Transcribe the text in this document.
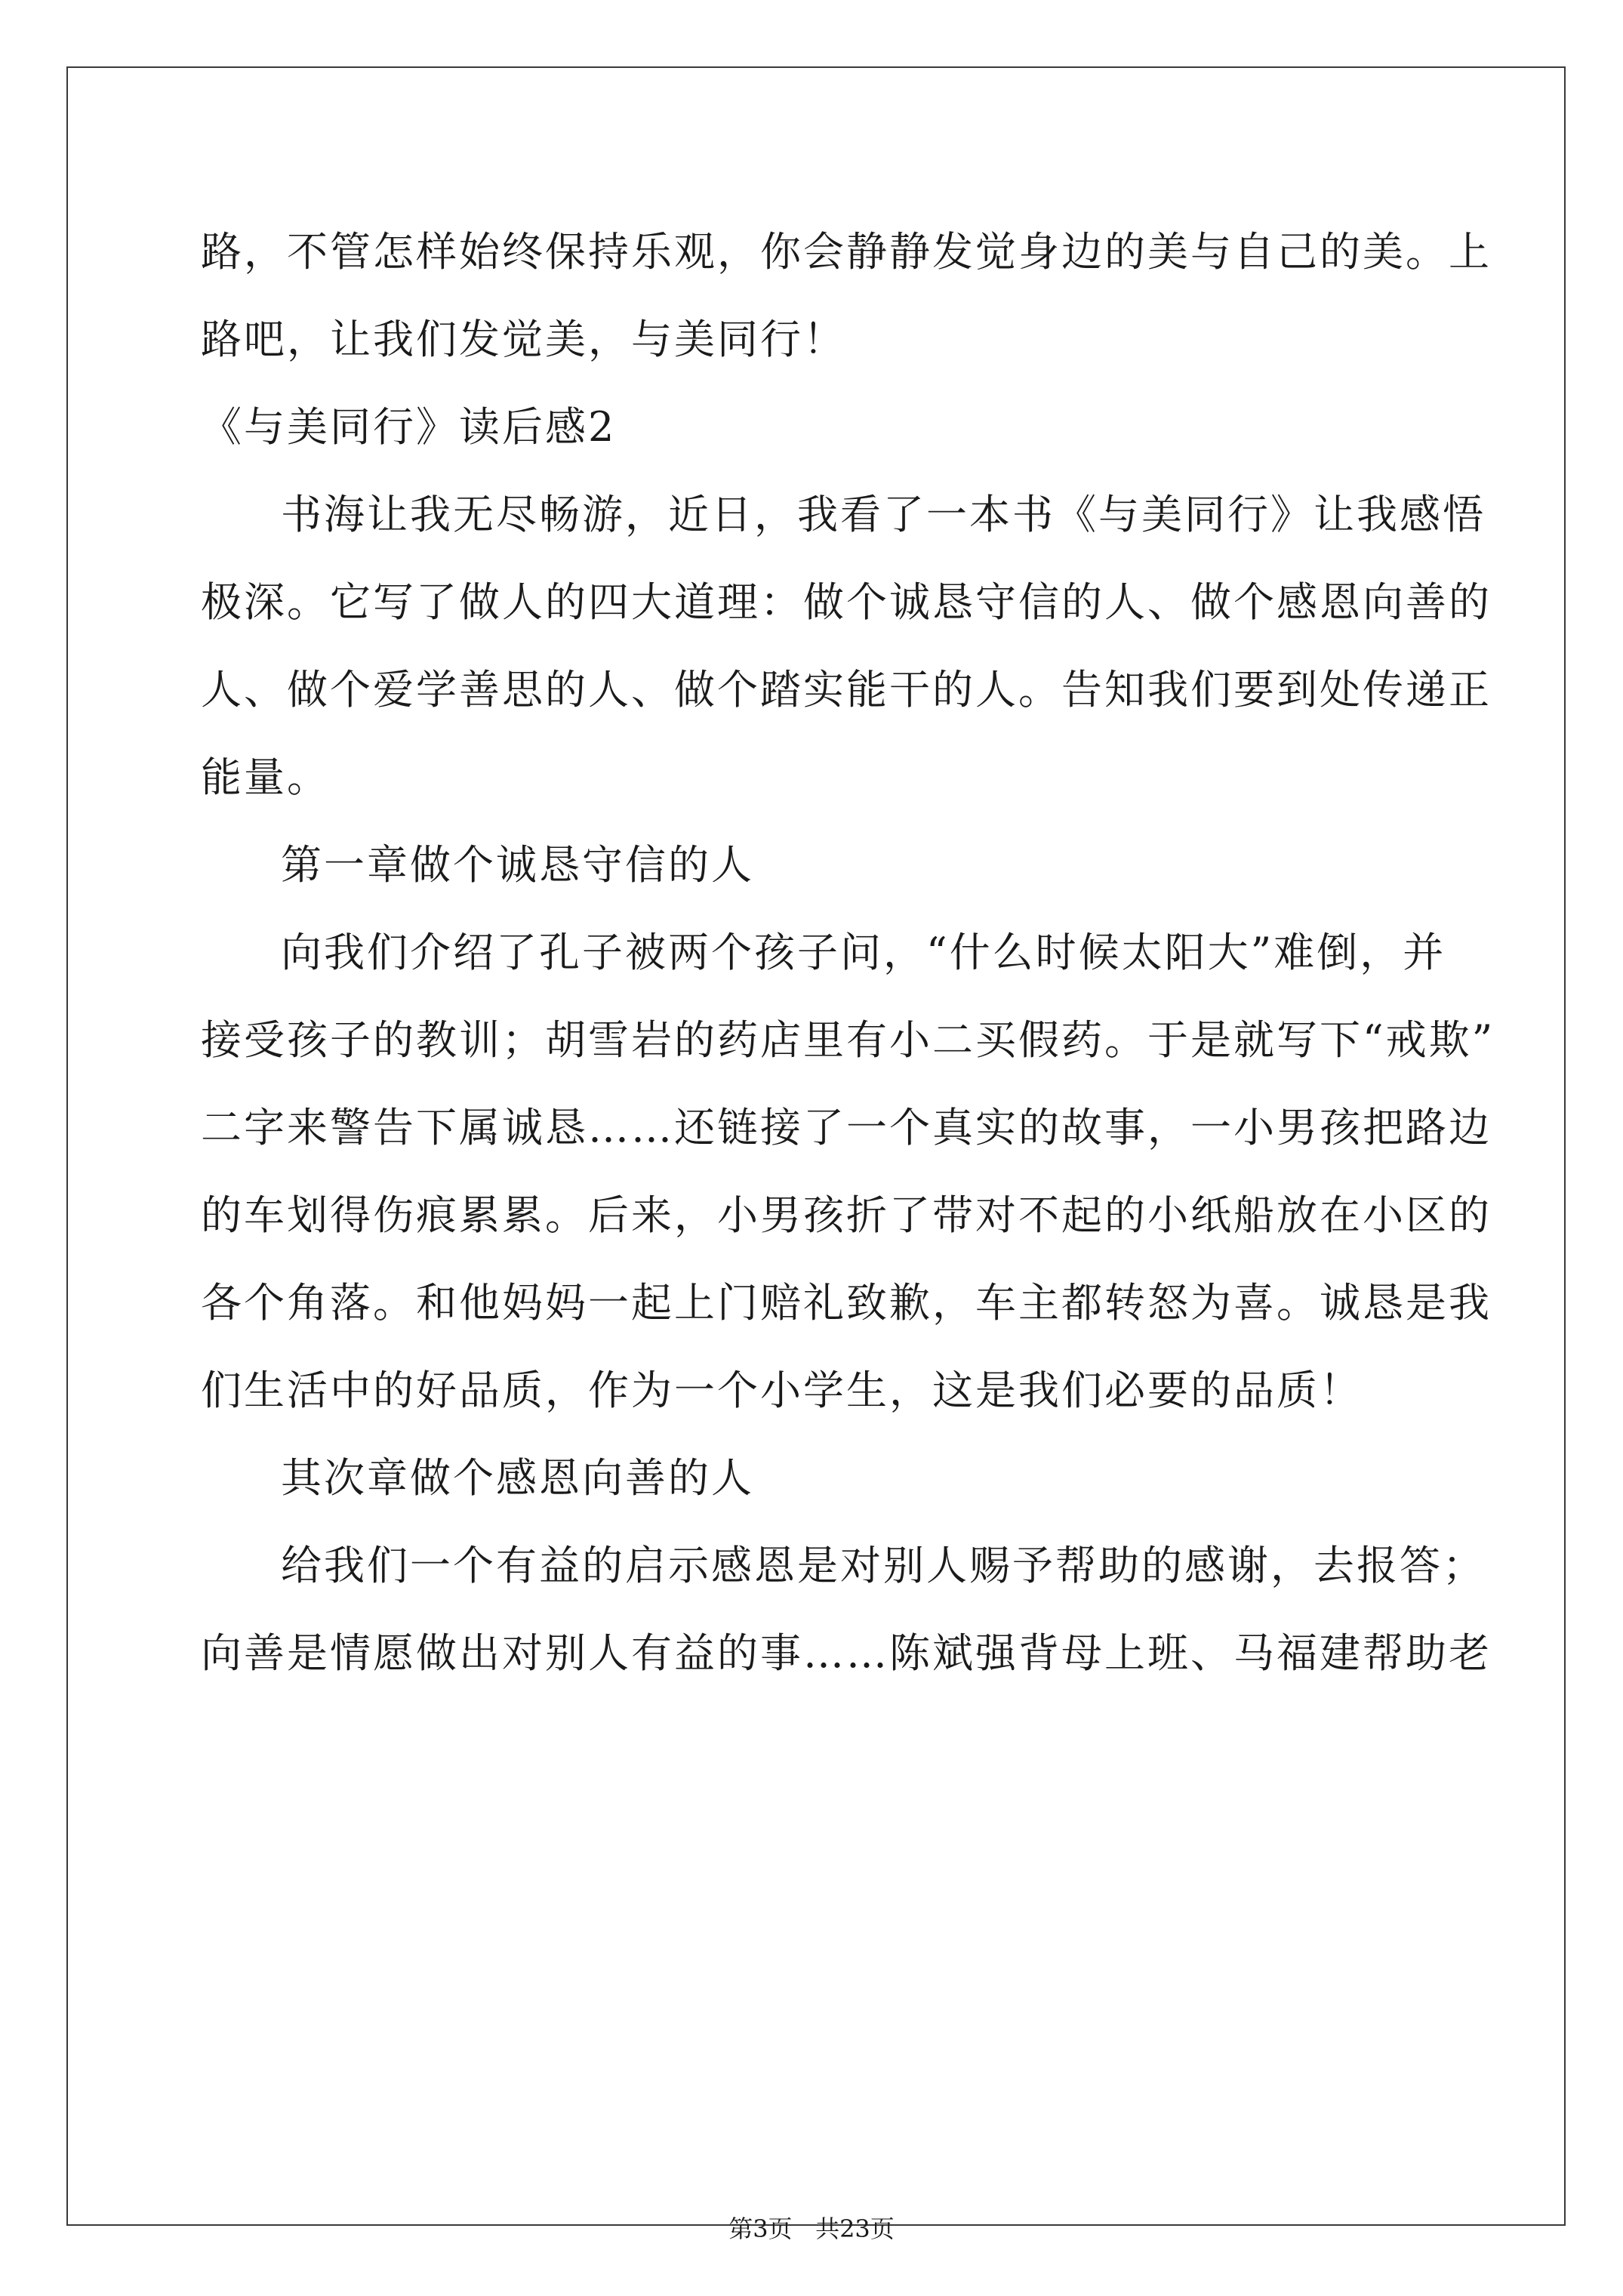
路，不管怎样始终保持乐观，你会静静发觉身边的美与自己的美。上
路吧，让我们发觉美，与美同行！
《与美同行》读后感2
书海让我无尽畅游，近日，我看了一本书《与美同行》让我感悟
极深。它写了做人的四大道理：做个诚恳守信的人、做个感恩向善的
人、做个爱学善思的人、做个踏实能干的人。告知我们要到处传递正
能量。
第一章做个诚恳守信的人
向我们介绍了孔子被两个孩子问，“什么时候太阳大”难倒，并
接受孩子的教训；胡雪岩的药店里有小二买假药。于是就写下“戒欺”
二字来警告下属诚恳……还链接了一个真实的故事，一小男孩把路边
的车划得伤痕累累。后来，小男孩折了带对不起的小纸船放在小区的
各个角落。和他妈妈一起上门赔礼致歉，车主都转怒为喜。诚恳是我
们生活中的好品质，作为一个小学生，这是我们必要的品质！
其次章做个感恩向善的人
给我们一个有益的启示感恩是对别人赐予帮助的感谢，去报答；
向善是情愿做出对别人有益的事……陈斌强背母上班、马福建帮助老
第3页   共23页
